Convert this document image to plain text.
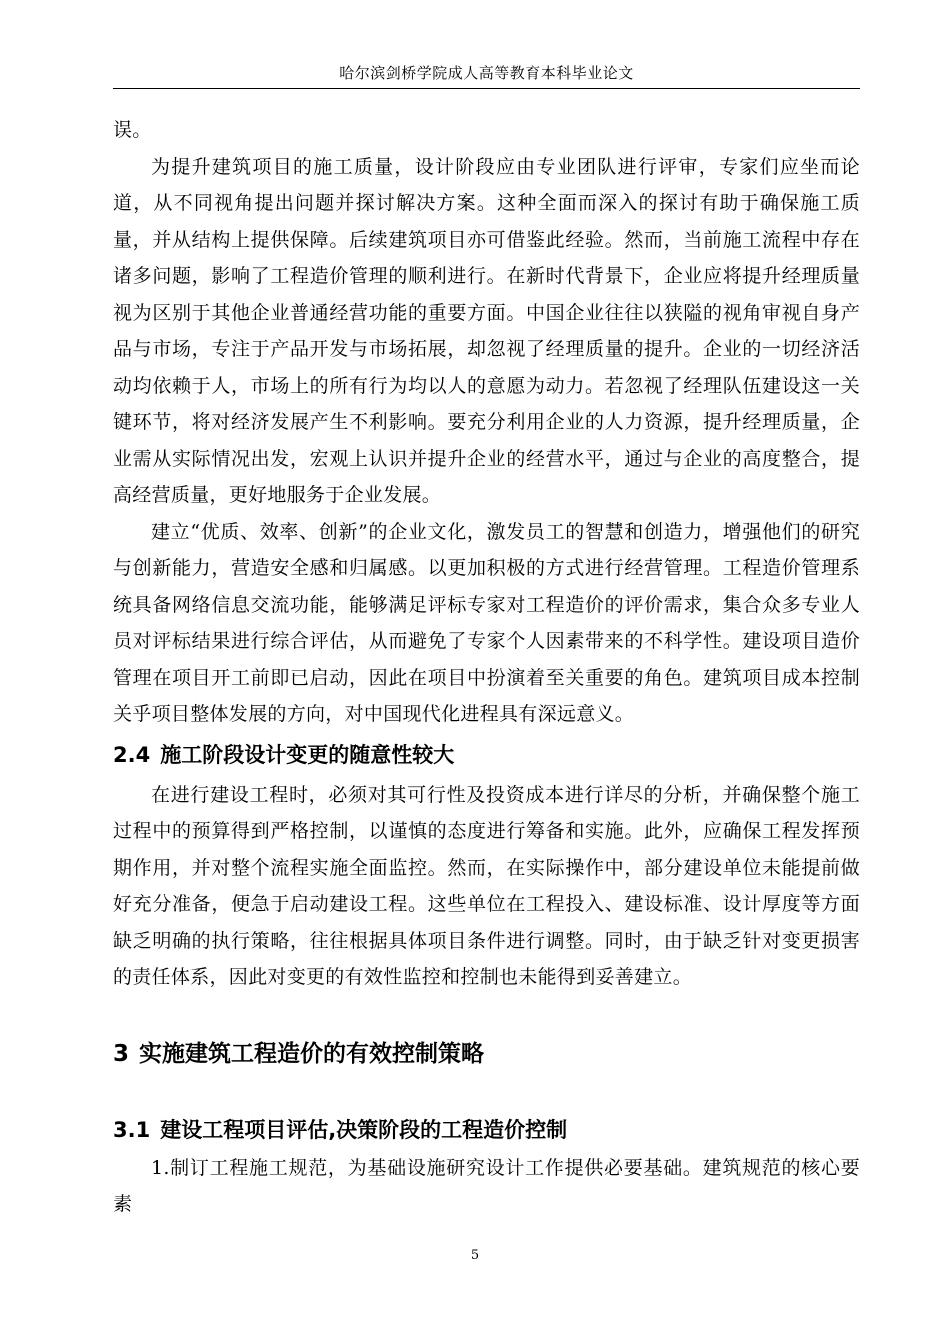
哈尔滨剑桥学院成人高等教育本科毕业论文

误。

为提升建筑项目的施工质量，设计阶段应由专业团队进行评审，专家们应坐而论道，从不同视角提出问题并探讨解决方案。这种全面而深入的探讨有助于确保施工质量，并从结构上提供保障。后续建筑项目亦可借鉴此经验。然而，当前施工流程中存在诸多问题，影响了工程造价管理的顺利进行。在新时代背景下，企业应将提升经理质量视为区别于其他企业普通经营功能的重要方面。中国企业往往以狭隘的视角审视自身产品与市场，专注于产品开发与市场拓展，却忽视了经理质量的提升。企业的一切经济活动均依赖于人，市场上的所有行为均以人的意愿为动力。若忽视了经理队伍建设这一关键环节，将对经济发展产生不利影响。要充分利用企业的人力资源，提升经理质量，企业需从实际情况出发，宏观上认识并提升企业的经营水平，通过与企业的高度整合，提高经营质量，更好地服务于企业发展。

建立“优质、效率、创新”的企业文化，激发员工的智慧和创造力，增强他们的研究与创新能力，营造安全感和归属感。以更加积极的方式进行经营管理。工程造价管理系统具备网络信息交流功能，能够满足评标专家对工程造价的评价需求，集合众多专业人员对评标结果进行综合评估，从而避免了专家个人因素带来的不科学性。建设项目造价管理在项目开工前即已启动，因此在项目中扮演着至关重要的角色。建筑项目成本控制关乎项目整体发展的方向，对中国现代化进程具有深远意义。

2.4 施工阶段设计变更的随意性较大

在进行建设工程时，必须对其可行性及投资成本进行详尽的分析，并确保整个施工过程中的预算得到严格控制，以谨慎的态度进行筹备和实施。此外，应确保工程发挥预期作用，并对整个流程实施全面监控。然而，在实际操作中，部分建设单位未能提前做好充分准备，便急于启动建设工程。这些单位在工程投入、建设标准、设计厚度等方面缺乏明确的执行策略，往往根据具体项目条件进行调整。同时，由于缺乏针对变更损害的责任体系，因此对变更的有效性监控和控制也未能得到妥善建立。

3 实施建筑工程造价的有效控制策略
3.1 建设工程项目评估,决策阶段的工程造价控制

1.制订工程施工规范，为基础设施研究设计工作提供必要基础。建筑规范的核心要素

5
